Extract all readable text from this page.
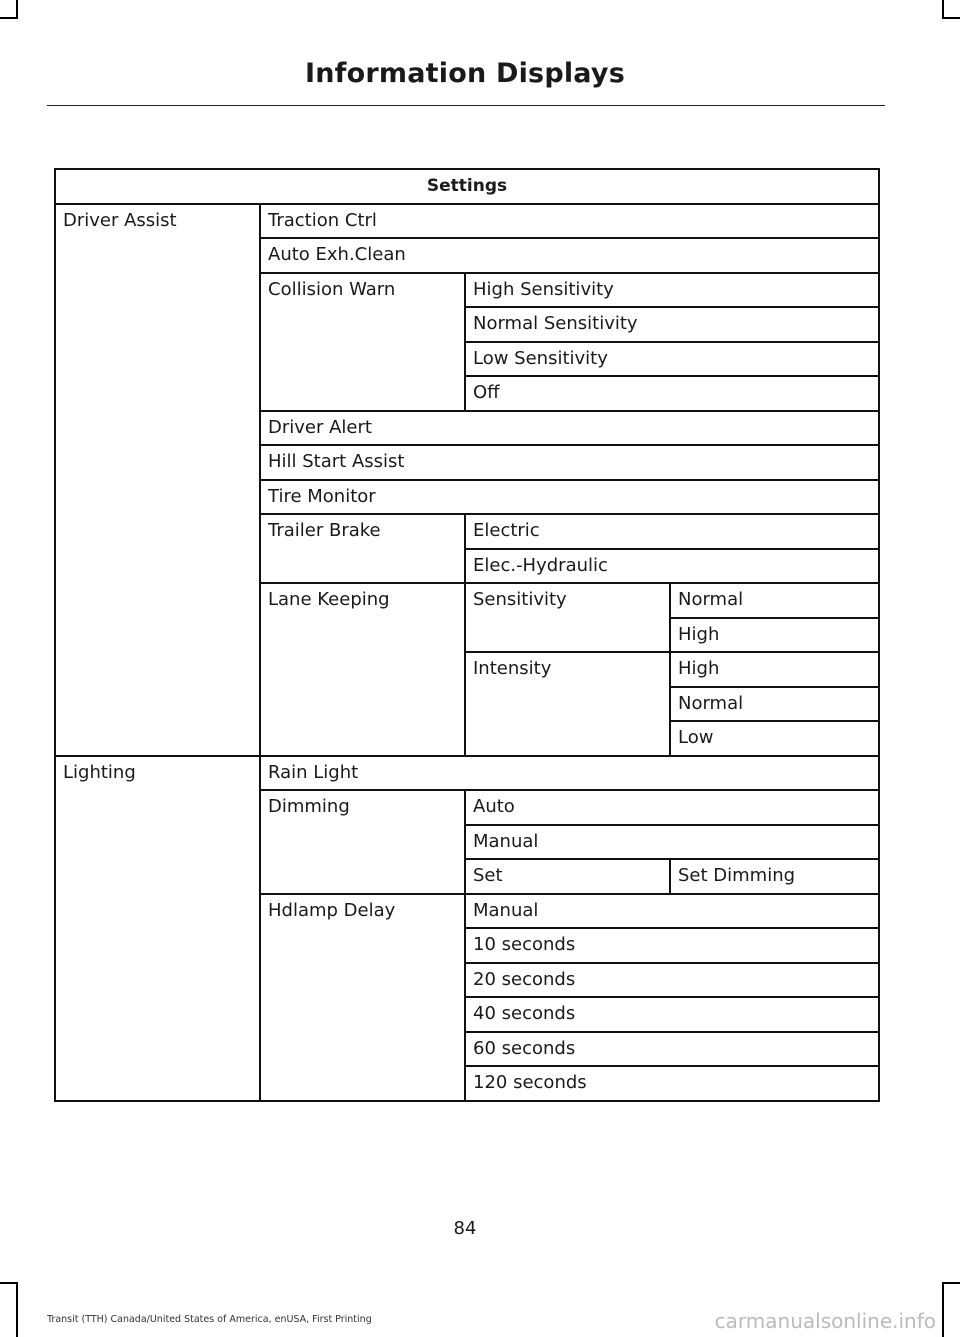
Information Displays
Settings			
Driver Assist	Traction Ctrl		
	Auto Exh.Clean		
	Collision Warn	High Sensitivity	
		Normal Sensitivity	
		Low Sensitivity	
		Off	
	Driver Alert		
	Hill Start Assist		
	Tire Monitor		
	Trailer Brake	Electric	
		Elec.-Hydraulic	
	Lane Keeping	Sensitivity	Normal
			High
		Intensity	High
			Normal
			Low
Lighting	Rain Light		
	Dimming	Auto	
		Manual	
		Set	Set Dimming
	Hdlamp Delay	Manual	
		10 seconds	
		20 seconds	
		40 seconds	
		60 seconds	
		120 seconds	
84
Transit (TTH) Canada/United States of America, enUSA, First Printing	carmanualsonline.info
